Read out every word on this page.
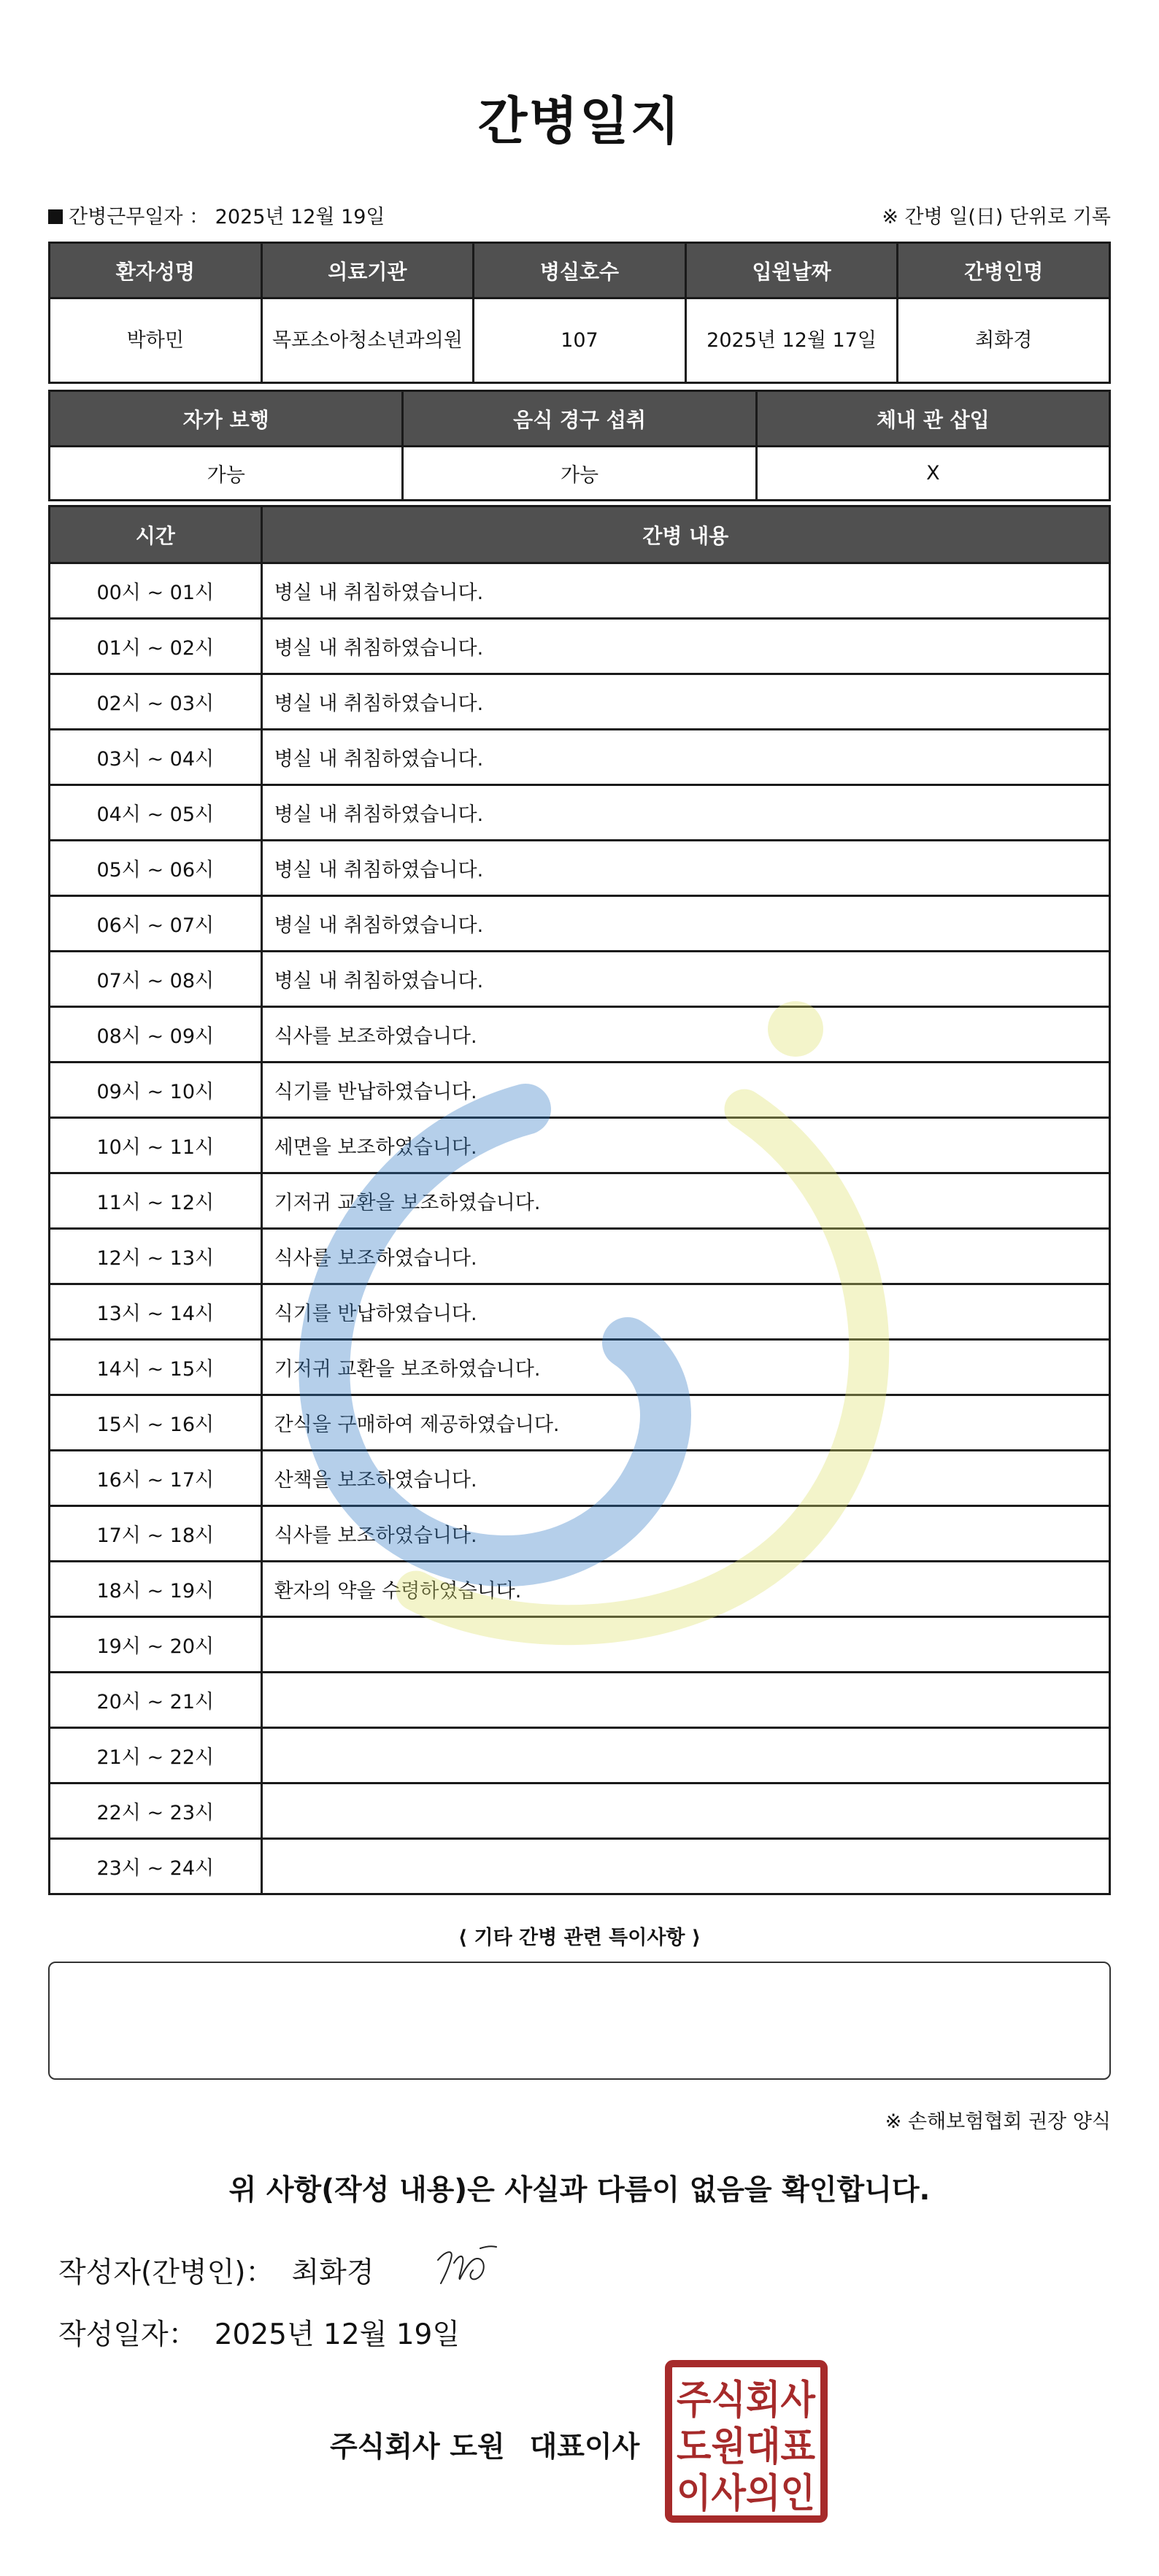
간병일지
간병근무일자 ： 2025년 12월 19일	※ 간병 일(日) 단위로 기록
환자성명	의료기관	병실호수	입원날짜	간병인명
박하민	목포소아청소년과의원	107	2025년 12월 17일	최화경
자가 보행	음식 경구 섭취	체내 관 삽입
가능	가능	X
시간	간병 내용
00시 ~ 01시	병실 내 취침하였습니다.
01시 ~ 02시	병실 내 취침하였습니다.
02시 ~ 03시	병실 내 취침하였습니다.
03시 ~ 04시	병실 내 취침하였습니다.
04시 ~ 05시	병실 내 취침하였습니다.
05시 ~ 06시	병실 내 취침하였습니다.
06시 ~ 07시	병실 내 취침하였습니다.
07시 ~ 08시	병실 내 취침하였습니다.
08시 ~ 09시	식사를 보조하였습니다.
09시 ~ 10시	식기를 반납하였습니다.
10시 ~ 11시	세면을 보조하였습니다.
11시 ~ 12시	기저귀 교환을 보조하였습니다.
12시 ~ 13시	식사를 보조하였습니다.
13시 ~ 14시	식기를 반납하였습니다.
14시 ~ 15시	기저귀 교환을 보조하였습니다.
15시 ~ 16시	간식을 구매하여 제공하였습니다.
16시 ~ 17시	산책을 보조하였습니다.
17시 ~ 18시	식사를 보조하였습니다.
18시 ~ 19시	환자의 약을 수령하였습니다.
19시 ~ 20시	
20시 ~ 21시	
21시 ~ 22시	
22시 ~ 23시	
23시 ~ 24시	
⟨ 기타 간병 관련 특이사항 ⟩
※ 손해보험협회 권장 양식
위 사항(작성 내용)은 사실과 다름이 없음을 확인합니다.
작성자(간병인)： 최화경
작성일자： 2025년 12월 19일
주식회사 도원 대표이사
주식회사
도원대표
이사의인
